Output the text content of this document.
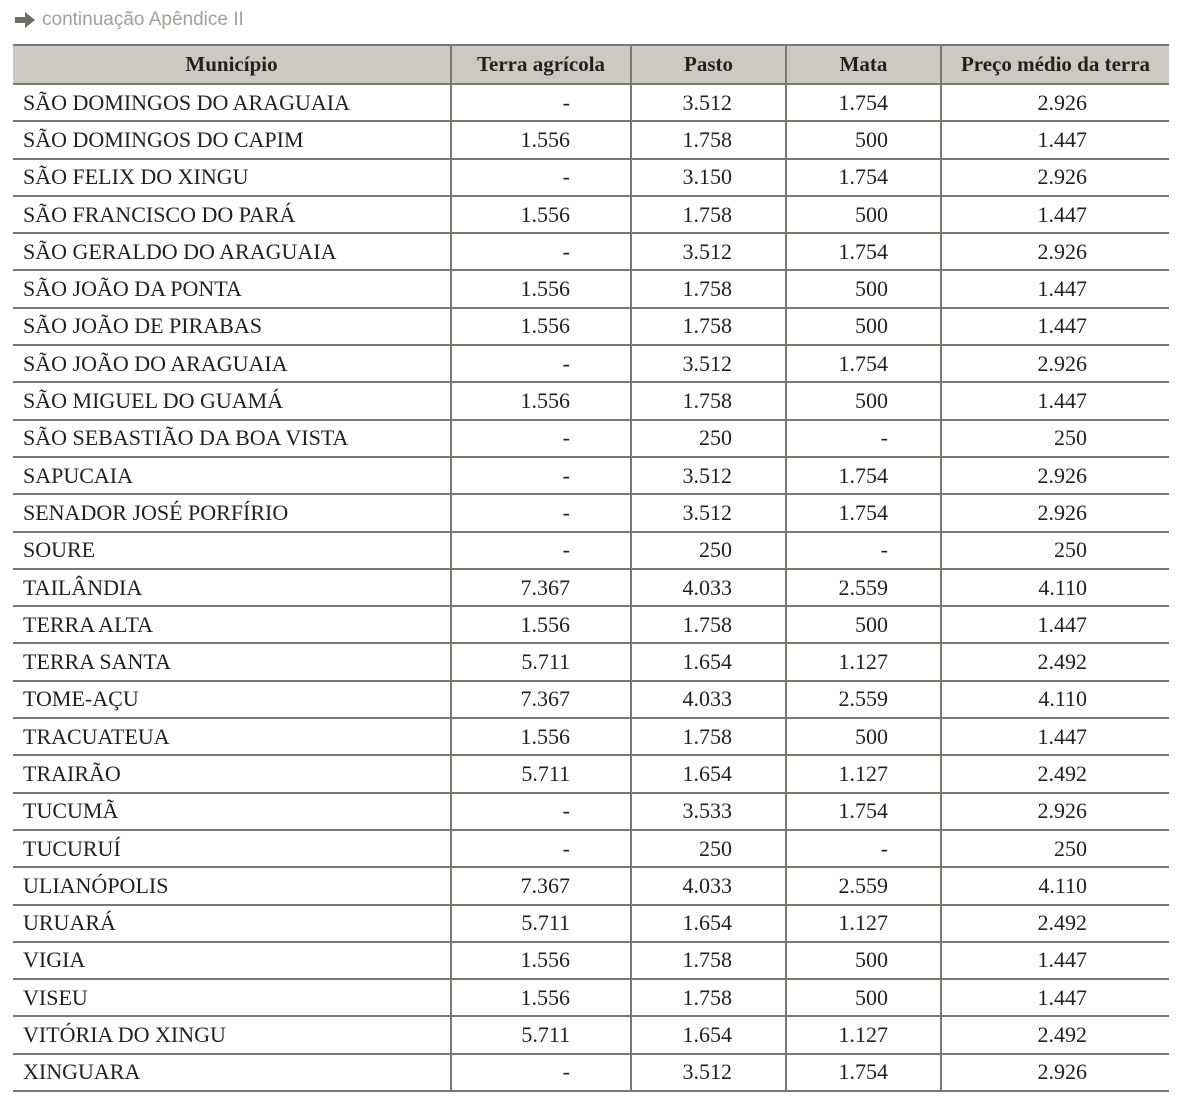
continuação Apêndice II
Município	Terra agrícola	Pasto	Mata	Preço médio da terra
SÃO DOMINGOS DO ARAGUAIA	-	3.512	1.754	2.926
SÃO DOMINGOS DO CAPIM	1.556	1.758	500	1.447
SÃO FELIX DO XINGU	-	3.150	1.754	2.926
SÃO FRANCISCO DO PARÁ	1.556	1.758	500	1.447
SÃO GERALDO DO ARAGUAIA	-	3.512	1.754	2.926
SÃO JOÃO DA PONTA	1.556	1.758	500	1.447
SÃO JOÃO DE PIRABAS	1.556	1.758	500	1.447
SÃO JOÃO DO ARAGUAIA	-	3.512	1.754	2.926
SÃO MIGUEL DO GUAMÁ	1.556	1.758	500	1.447
SÃO SEBASTIÃO DA BOA VISTA	-	250	-	250
SAPUCAIA	-	3.512	1.754	2.926
SENADOR JOSÉ PORFÍRIO	-	3.512	1.754	2.926
SOURE	-	250	-	250
TAILÂNDIA	7.367	4.033	2.559	4.110
TERRA ALTA	1.556	1.758	500	1.447
TERRA SANTA	5.711	1.654	1.127	2.492
TOME-AÇU	7.367	4.033	2.559	4.110
TRACUATEUA	1.556	1.758	500	1.447
TRAIRÃO	5.711	1.654	1.127	2.492
TUCUMÃ	-	3.533	1.754	2.926
TUCURUÍ	-	250	-	250
ULIANÓPOLIS	7.367	4.033	2.559	4.110
URUARÁ	5.711	1.654	1.127	2.492
VIGIA	1.556	1.758	500	1.447
VISEU	1.556	1.758	500	1.447
VITÓRIA DO XINGU	5.711	1.654	1.127	2.492
XINGUARA	-	3.512	1.754	2.926
